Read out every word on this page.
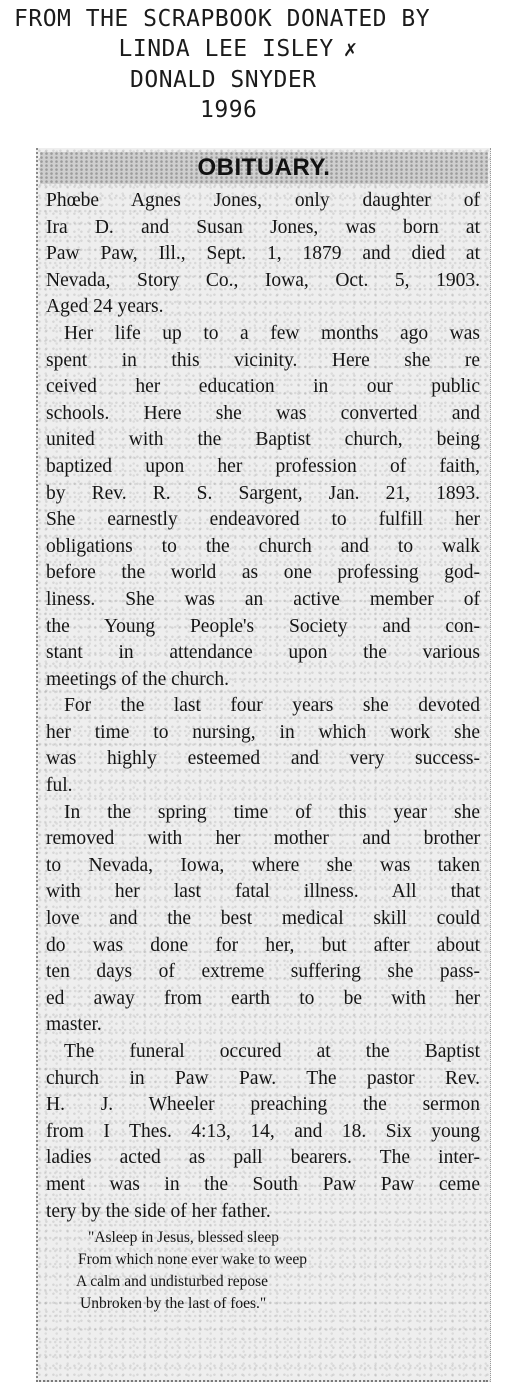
FROM THE SCRAPBOOK DONATED BY
LINDA LEE ISLEY ✗
DONALD SNYDER
1996
OBITUARY.
Phœbe Agnes Jones, only daughter of
Ira D. and Susan Jones, was born at
Paw Paw, Ill., Sept. 1, 1879 and died at
Nevada, Story Co., Iowa, Oct. 5, 1903.
Aged 24 years.
Her life up to a few months ago was
spent in this vicinity. Here she re
ceived her education in our public
schools. Here she was converted and
united with the Baptist church, being
baptized upon her profession of faith,
by Rev. R. S. Sargent, Jan. 21, 1893.
She earnestly endeavored to fulfill her
obligations to the church and to walk
before the world as one professing god-
liness. She was an active member of
the Young People's Society and con-
stant in attendance upon the various
meetings of the church.
For the last four years she devoted
her time to nursing, in which work she
was highly esteemed and very success-
ful.
In the spring time of this year she
removed with her mother and brother
to Nevada, Iowa, where she was taken
with her last fatal illness. All that
love and the best medical skill could
do was done for her, but after about
ten days of extreme suffering she pass-
ed away from earth to be with her
master.
The funeral occured at the Baptist
church in Paw Paw. The pastor Rev.
H. J. Wheeler preaching the sermon
from I Thes. 4:13, 14, and 18. Six young
ladies acted as pall bearers. The inter-
ment was in the South Paw Paw ceme
tery by the side of her father.
"Asleep in Jesus, blessed sleep
From which none ever wake to weep
A calm and undisturbed repose
Unbroken by the last of foes."
